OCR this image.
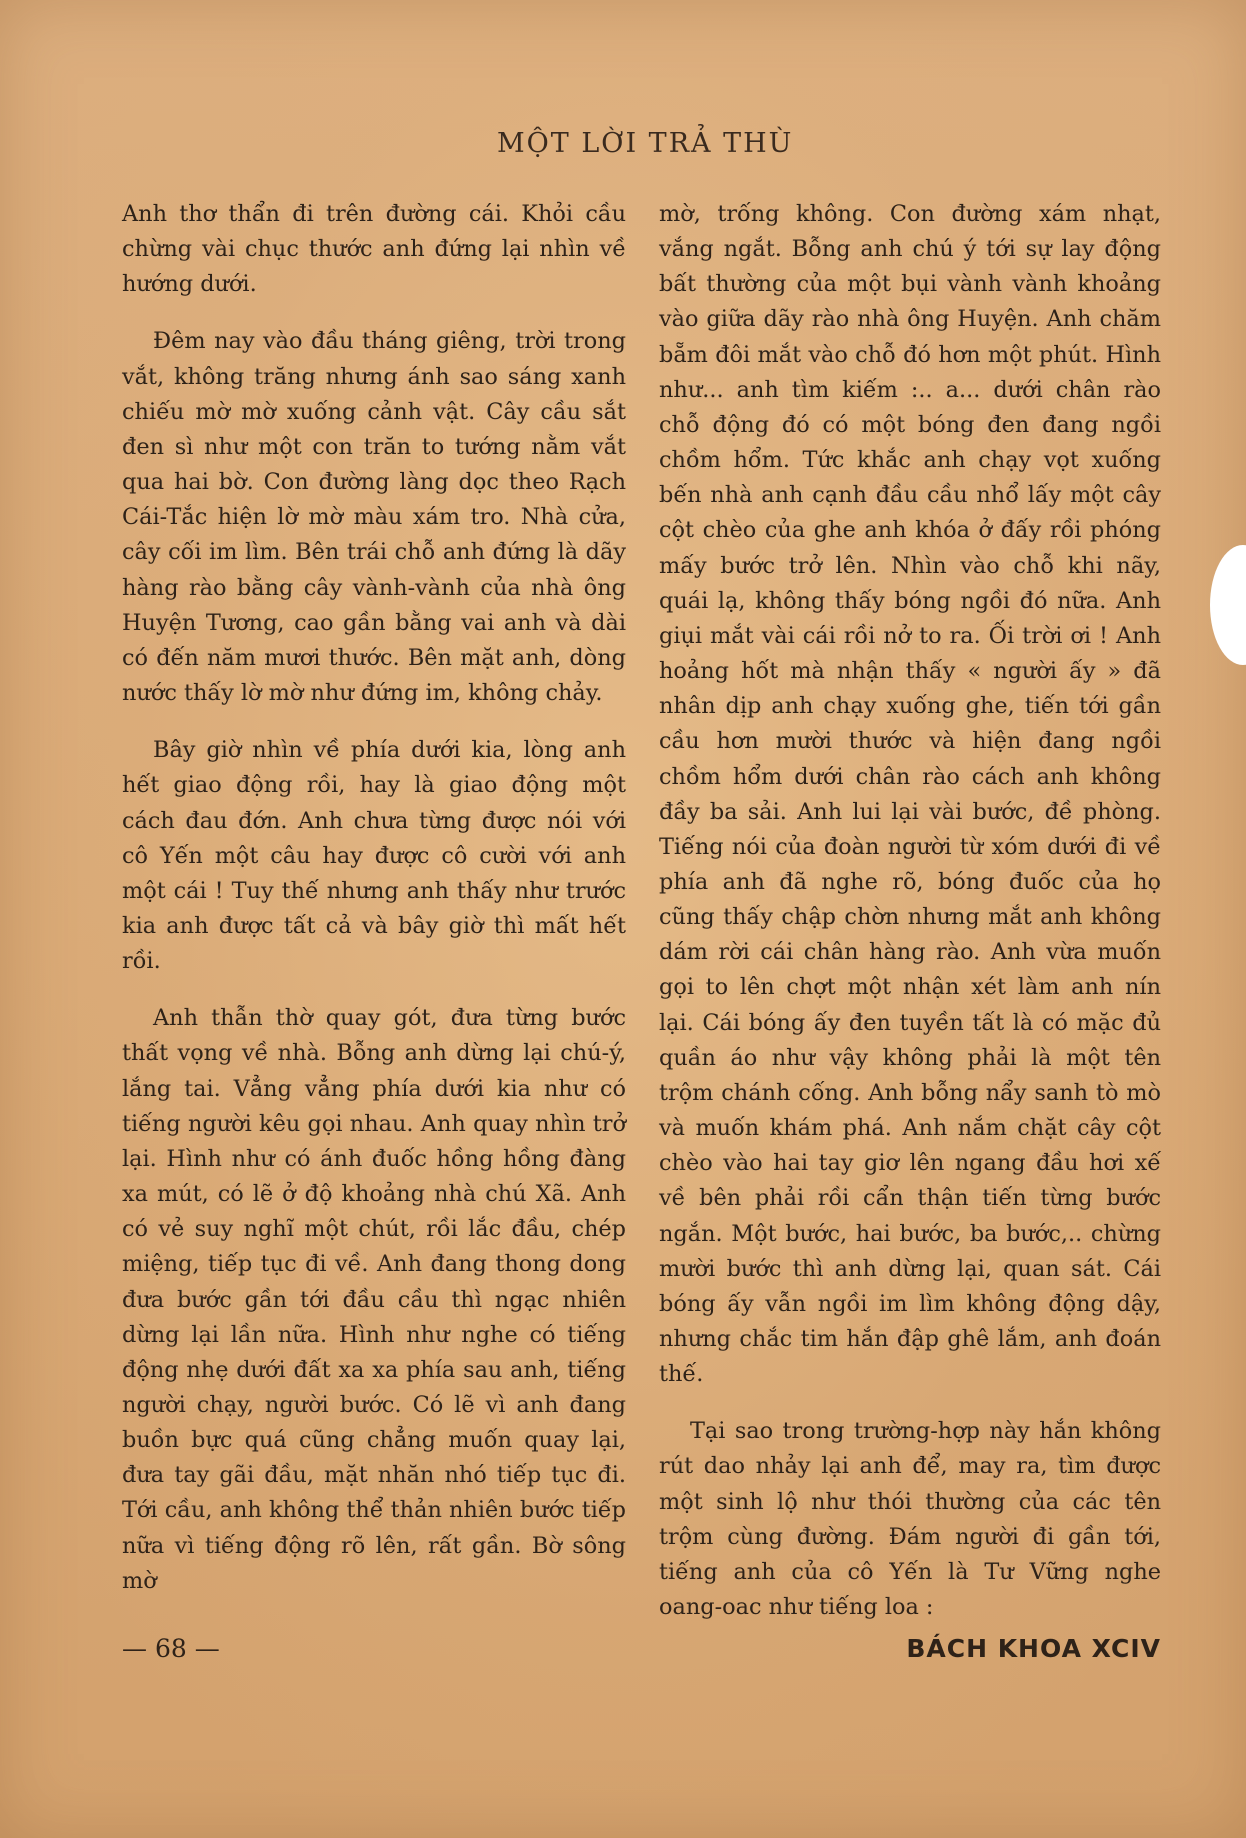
MỘT LỜI TRẢ THÙ

Anh thơ thẩn đi trên đường cái. Khỏi cầu chừng vài chục thước anh đứng lại nhìn về hướng dưới.

Đêm nay vào đầu tháng giêng, trời trong vắt, không trăng nhưng ánh sao sáng xanh chiếu mờ mờ xuống cảnh vật. Cây cầu sắt đen sì như một con trăn to tướng nằm vắt qua hai bờ. Con đường làng dọc theo Rạch Cái-Tắc hiện lờ mờ màu xám tro. Nhà cửa, cây cối im lìm. Bên trái chỗ anh đứng là dãy hàng rào bằng cây vành-vành của nhà ông Huyện Tương, cao gần bằng vai anh và dài có đến năm mươi thước. Bên mặt anh, dòng nước thấy lờ mờ như đứng im, không chảy.

Bây giờ nhìn về phía dưới kia, lòng anh hết giao động rồi, hay là giao động một cách đau đớn. Anh chưa từng được nói với cô Yến một câu hay được cô cười với anh một cái ! Tuy thế nhưng anh thấy như trước kia anh được tất cả và bây giờ thì mất hết rồi.

Anh thẫn thờ quay gót, đưa từng bước thất vọng về nhà. Bỗng anh dừng lại chú-ý, lắng tai. Vẳng vẳng phía dưới kia như có tiếng người kêu gọi nhau. Anh quay nhìn trở lại. Hình như có ánh đuốc hồng hồng đàng xa mút, có lẽ ở độ khoảng nhà chú Xã. Anh có vẻ suy nghĩ một chút, rồi lắc đầu, chép miệng, tiếp tục đi về. Anh đang thong dong đưa bước gần tới đầu cầu thì ngạc nhiên dừng lại lần nữa. Hình như nghe có tiếng động nhẹ dưới đất xa xa phía sau anh, tiếng người chạy, người bước. Có lẽ vì anh đang buồn bực quá cũng chẳng muốn quay lại, đưa tay gãi đầu, mặt nhăn nhó tiếp tục đi. Tới cầu, anh không thể thản nhiên bước tiếp nữa vì tiếng động rõ lên, rất gần. Bờ sông mờ

mờ, trống không. Con đường xám nhạt, vắng ngắt. Bỗng anh chú ý tới sự lay động bất thường của một bụi vành vành khoảng vào giữa dãy rào nhà ông Huyện. Anh chăm bẵm đôi mắt vào chỗ đó hơn một phút. Hình như... anh tìm kiếm :.. a... dưới chân rào chỗ động đó có một bóng đen đang ngồi chồm hổm. Tức khắc anh chạy vọt xuống bến nhà anh cạnh đầu cầu nhổ lấy một cây cột chèo của ghe anh khóa ở đấy rồi phóng mấy bước trở lên. Nhìn vào chỗ khi nãy, quái lạ, không thấy bóng ngồi đó nữa. Anh giụi mắt vài cái rồi nở to ra. Ối trời ơi ! Anh hoảng hốt mà nhận thấy « người ấy » đã nhân dịp anh chạy xuống ghe, tiến tới gần cầu hơn mười thước và hiện đang ngồi chồm hổm dưới chân rào cách anh không đầy ba sải. Anh lui lại vài bước, đề phòng. Tiếng nói của đoàn người từ xóm dưới đi về phía anh đã nghe rõ, bóng đuốc của họ cũng thấy chập chờn nhưng mắt anh không dám rời cái chân hàng rào. Anh vừa muốn gọi to lên chợt một nhận xét làm anh nín lại. Cái bóng ấy đen tuyền tất là có mặc đủ quần áo như vậy không phải là một tên trộm chánh cống. Anh bỗng nẩy sanh tò mò và muốn khám phá. Anh nắm chặt cây cột chèo vào hai tay giơ lên ngang đầu hơi xế về bên phải rồi cẩn thận tiến từng bước ngắn. Một bước, hai bước, ba bước,.. chừng mười bước thì anh dừng lại, quan sát. Cái bóng ấy vẫn ngồi im lìm không động dậy, nhưng chắc tim hắn đập ghê lắm, anh đoán thế.

Tại sao trong trường-hợp này hắn không rút dao nhảy lại anh để, may ra, tìm được một sinh lộ như thói thường của các tên trộm cùng đường. Đám người đi gần tới, tiếng anh của cô Yến là Tư Vững nghe oang-oac như tiếng loa :

— 68 —	BÁCH KHOA XCIV
